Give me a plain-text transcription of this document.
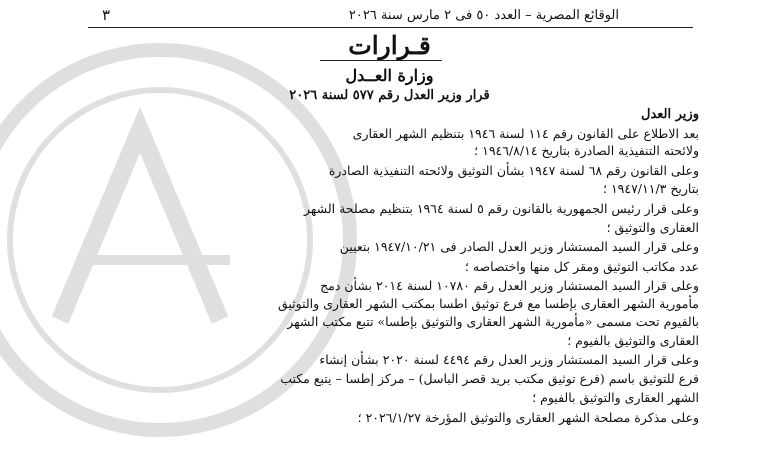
الوقائع المصرية – العدد ٥٠ فى ٢ مارس سنة ٢٠٢٦
٣
قـرارات
وزارة العــدل
قرار وزير العدل رقم ٥٧٧ لسنة ٢٠٢٦
وزير العدل
بعد الاطلاع على القانون رقم ١١٤ لسنة ١٩٤٦ بتنظيم الشهر العقارى
ولائحته التنفيذية الصادرة بتاريخ ١٩٤٦/٨/١٤ ؛
وعلى القانون رقم ٦٨ لسنة ١٩٤٧ بشأن التوثيق ولائحته التنفيذية الصادرة
بتاريخ ١٩٤٧/١١/٣ ؛
وعلى قرار رئيس الجمهورية بالقانون رقم ٥ لسنة ١٩٦٤ بتنظيم مصلحة الشهر
العقارى والتوثيق ؛
وعلى قرار السيد المستشار وزير العدل الصادر فى ١٩٤٧/١٠/٢١ بتعيين
عدد مكاتب التوثيق ومقر كل منها واختصاصه ؛
وعلى قرار السيد المستشار وزير العدل رقم ١٠٧٨٠ لسنة ٢٠١٤ بشأن دمج
مأمورية الشهر العقارى بإطسا مع فرع توثيق اطسا بمكتب الشهر العقارى والتوثيق
بالفيوم تحت مسمى «مأمورية الشهر العقارى والتوثيق بإطسا» تتبع مكتب الشهر
العقارى والتوثيق بالفيوم ؛
وعلى قرار السيد المستشار وزير العدل رقم ٤٤٩٤ لسنة ٢٠٢٠ بشأن إنشاء
فرع للتوثيق باسم (فرع توثيق مكتب بريد قصر الباسل) – مركز إطسا – يتبع مكتب
الشهر العقارى والتوثيق بالفيوم ؛
وعلى مذكرة مصلحة الشهر العقارى والتوثيق المؤرخة ٢٠٢٦/١/٢٧ ؛
